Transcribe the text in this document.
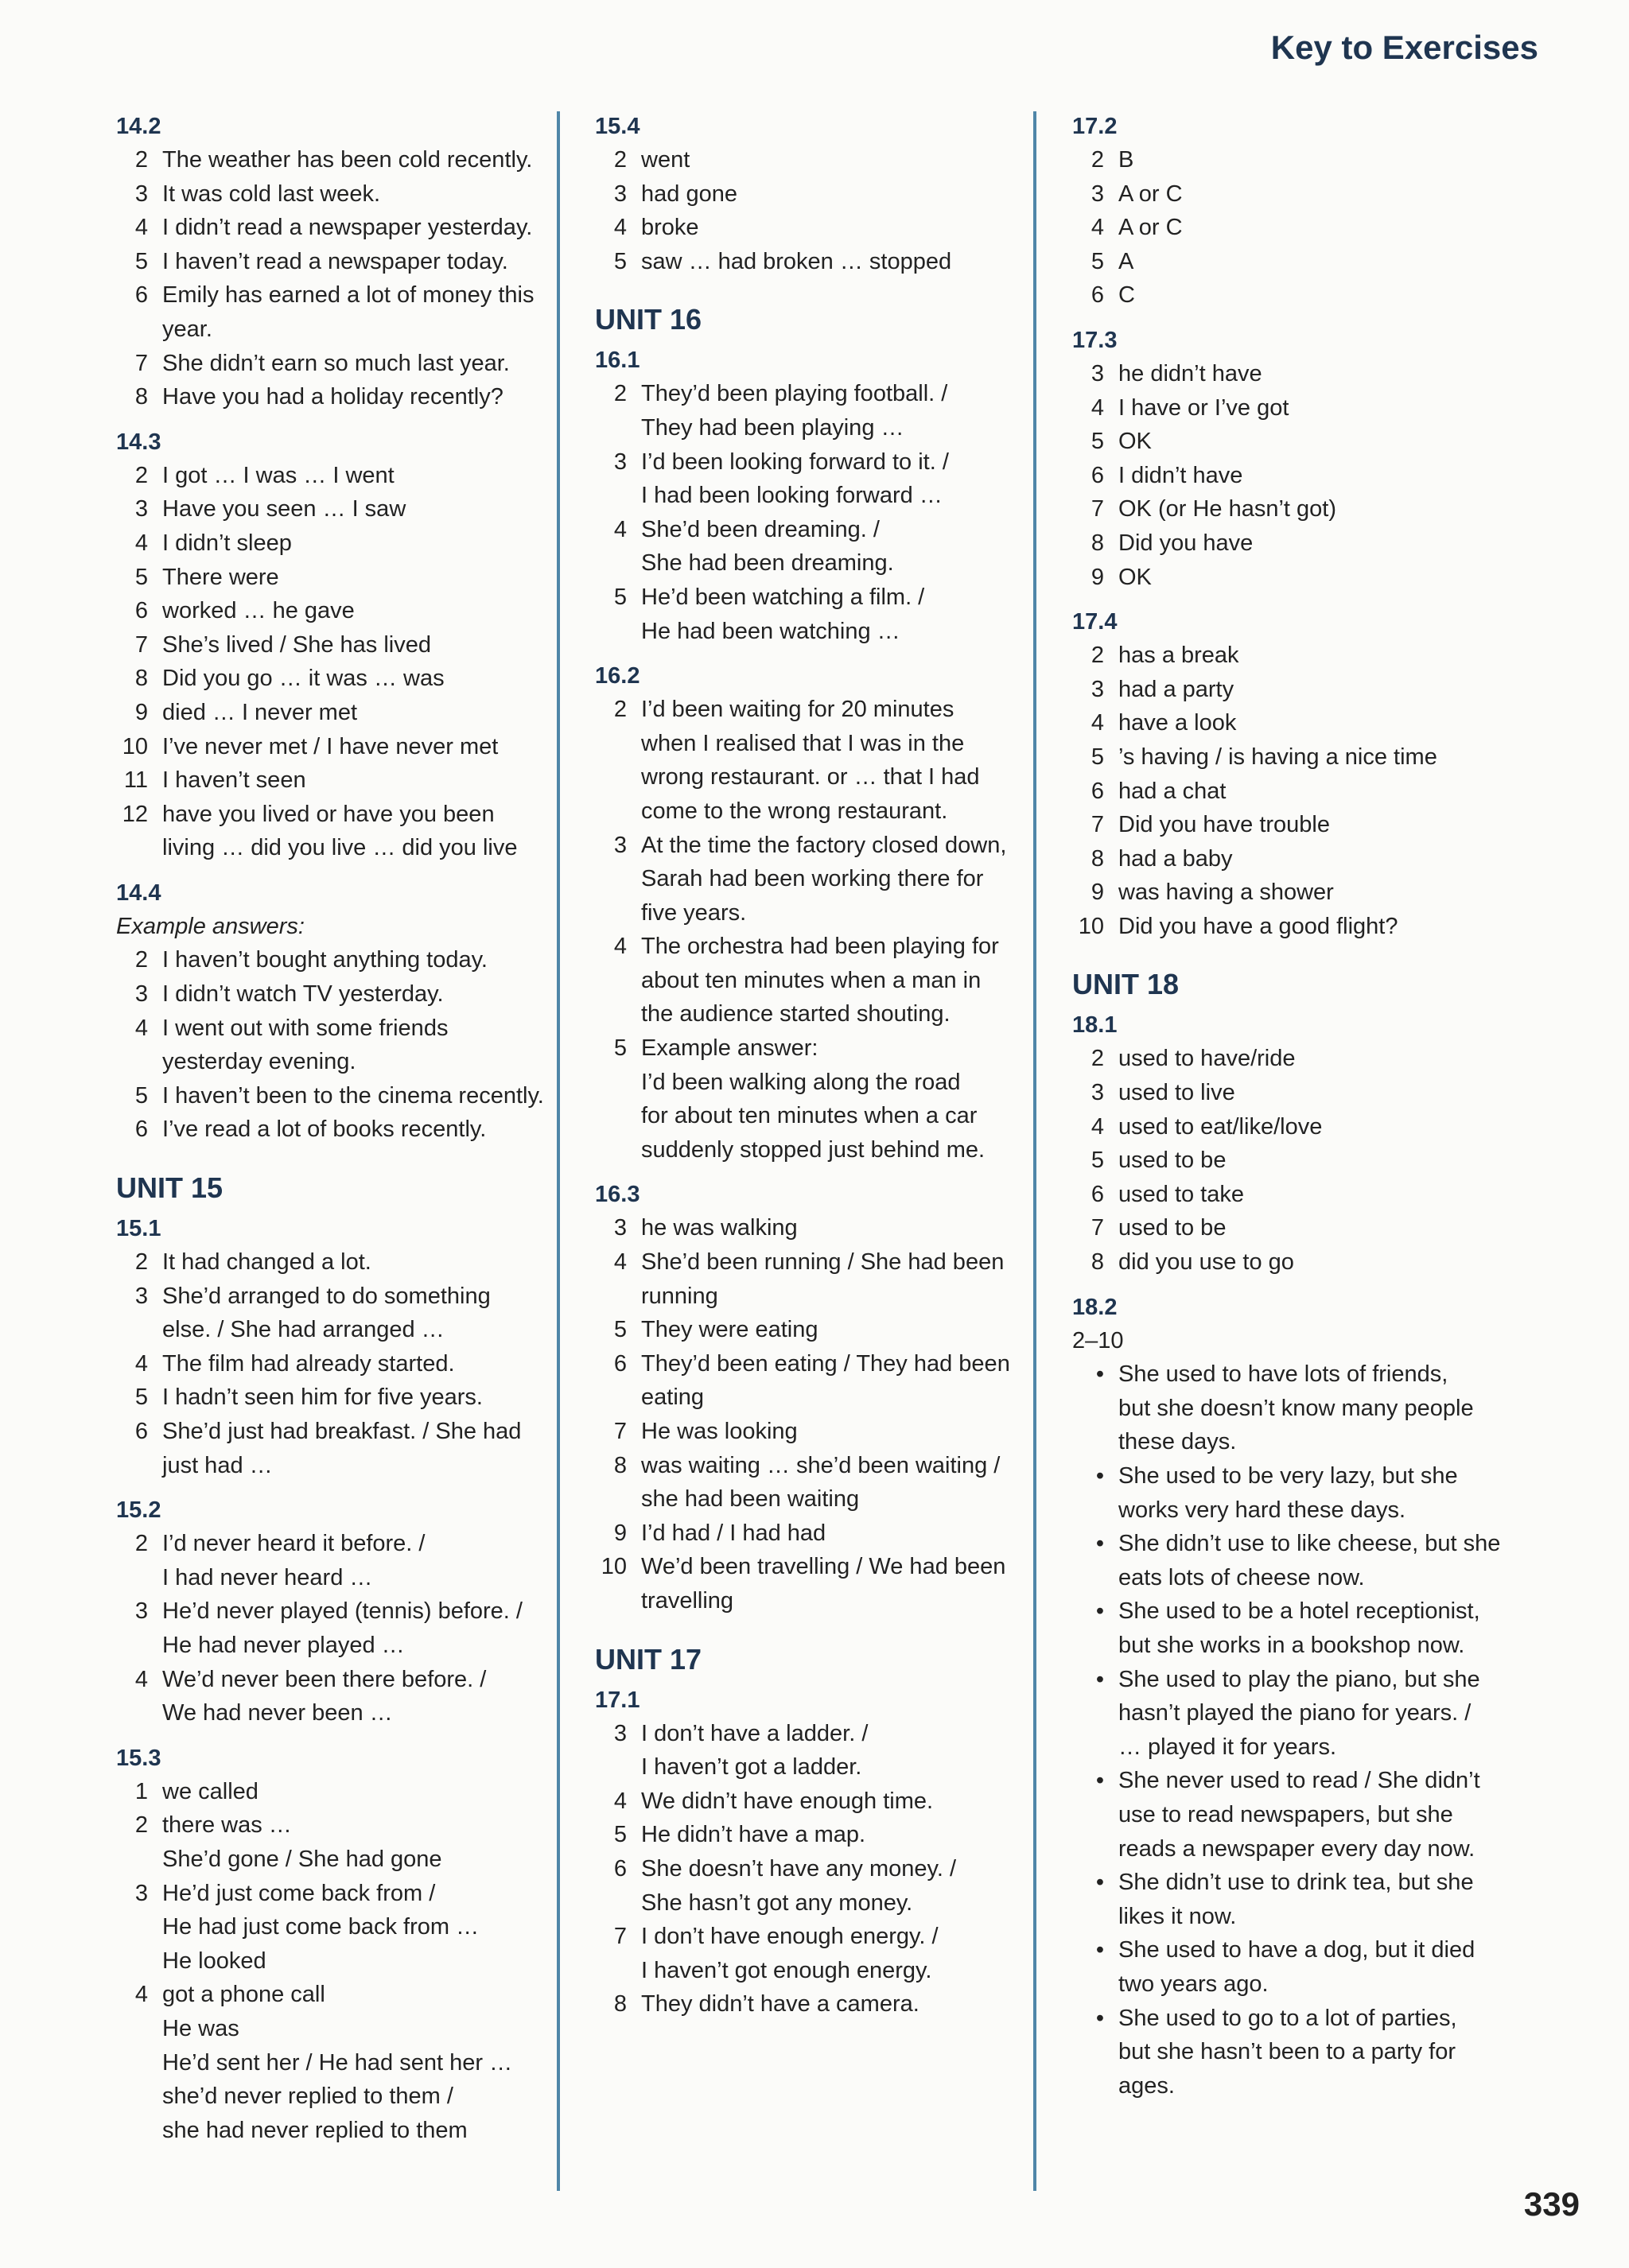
Key to Exercises
14.2
2 The weather has been cold recently.
3 It was cold last week.
4 I didn’t read a newspaper yesterday.
5 I haven’t read a newspaper today.
6 Emily has earned a lot of money this
year.
7 She didn’t earn so much last year.
8 Have you had a holiday recently?
14.3
2 I got … I was … I went
3 Have you seen … I saw
4 I didn’t sleep
5 There were
6 worked … he gave
7 She’s lived / She has lived
8 Did you go … it was … was
9 died … I never met
10 I’ve never met / I have never met
11 I haven’t seen
12 have you lived or have you been
living … did you live … did you live
14.4
Example answers:
2 I haven’t bought anything today.
3 I didn’t watch TV yesterday.
4 I went out with some friends
yesterday evening.
5 I haven’t been to the cinema recently.
6 I’ve read a lot of books recently.
UNIT 15
15.1
2 It had changed a lot.
3 She’d arranged to do something
else. / She had arranged …
4 The film had already started.
5 I hadn’t seen him for five years.
6 She’d just had breakfast. / She had
just had …
15.2
2 I’d never heard it before. /
I had never heard …
3 He’d never played (tennis) before. /
He had never played …
4 We’d never been there before. /
We had never been …
15.3
1 we called
2 there was …
She’d gone / She had gone
3 He’d just come back from /
He had just come back from …
He looked
4 got a phone call
He was
He’d sent her / He had sent her …
she’d never replied to them /
she had never replied to them
15.4
2 went
3 had gone
4 broke
5 saw … had broken … stopped
UNIT 16
16.1
2 They’d been playing football. /
They had been playing …
3 I’d been looking forward to it. /
I had been looking forward …
4 She’d been dreaming. /
She had been dreaming.
5 He’d been watching a film. /
He had been watching …
16.2
2 I’d been waiting for 20 minutes
when I realised that I was in the
wrong restaurant. or … that I had
come to the wrong restaurant.
3 At the time the factory closed down,
Sarah had been working there for
five years.
4 The orchestra had been playing for
about ten minutes when a man in
the audience started shouting.
5 Example answer:
I’d been walking along the road
for about ten minutes when a car
suddenly stopped just behind me.
16.3
3 he was walking
4 She’d been running / She had been
running
5 They were eating
6 They’d been eating / They had been
eating
7 He was looking
8 was waiting … she’d been waiting /
she had been waiting
9 I’d had / I had had
10 We’d been travelling / We had been
travelling
UNIT 17
17.1
3 I don’t have a ladder. /
I haven’t got a ladder.
4 We didn’t have enough time.
5 He didn’t have a map.
6 She doesn’t have any money. /
She hasn’t got any money.
7 I don’t have enough energy. /
I haven’t got enough energy.
8 They didn’t have a camera.
17.2
2 B
3 A or C
4 A or C
5 A
6 C
17.3
3 he didn’t have
4 I have or I’ve got
5 OK
6 I didn’t have
7 OK (or He hasn’t got)
8 Did you have
9 OK
17.4
2 has a break
3 had a party
4 have a look
5 ’s having / is having a nice time
6 had a chat
7 Did you have trouble
8 had a baby
9 was having a shower
10 Did you have a good flight?
UNIT 18
18.1
2 used to have/ride
3 used to live
4 used to eat/like/love
5 used to be
6 used to take
7 used to be
8 did you use to go
18.2
2–10
• She used to have lots of friends,
but she doesn’t know many people
these days.
• She used to be very lazy, but she
works very hard these days.
• She didn’t use to like cheese, but she
eats lots of cheese now.
• She used to be a hotel receptionist,
but she works in a bookshop now.
• She used to play the piano, but she
hasn’t played the piano for years. /
… played it for years.
• She never used to read / She didn’t
use to read newspapers, but she
reads a newspaper every day now.
• She didn’t use to drink tea, but she
likes it now.
• She used to have a dog, but it died
two years ago.
• She used to go to a lot of parties,
but she hasn’t been to a party for
ages.
339
